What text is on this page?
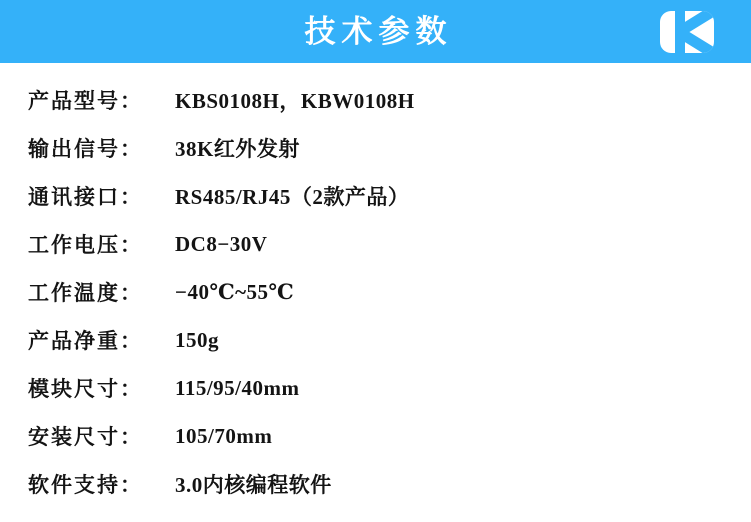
技术参数
产品型号：	KBS0108H，KBW0108H
输出信号：	38K红外发射
通讯接口：	RS485/RJ45（2款产品）
工作电压：	DC8−30V
工作温度：	−40℃~55℃
产品净重：	150g
模块尺寸：	115/95/40mm
安装尺寸：	105/70mm
软件支持：	3.0内核编程软件
